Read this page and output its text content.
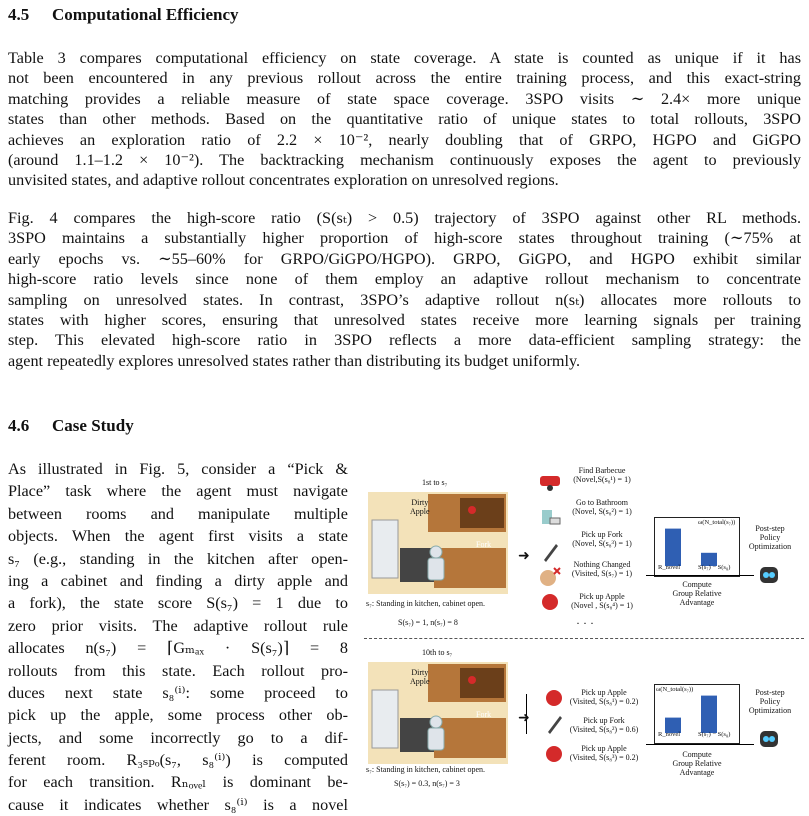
4.5 Computational Efficiency
Table 3 compares computational efficiency on state coverage. A state is counted as unique if it has
not been encountered in any previous rollout across the entire training process, and this exact-string
matching provides a reliable measure of state space coverage. 3SPO visits ∼ 2.4× more unique
states than other methods. Based on the quantitative ratio of unique states to total rollouts, 3SPO
achieves an exploration ratio of 2.2 × 10⁻², nearly doubling that of GRPO, HGPO and GiGPO
(around 1.1–1.2 × 10⁻²). The backtracking mechanism continuously exposes the agent to previously
unvisited states, and adaptive rollout concentrates exploration on unresolved regions.
Fig. 4 compares the high-score ratio (S(sₜ) > 0.5) trajectory of 3SPO against other RL methods.
3SPO maintains a substantially higher proportion of high-score states throughout training (∼75% at
early epochs vs. ∼55–60% for GRPO/GiGPO/HGPO). GRPO, GiGPO, and HGPO exhibit similar
high-score ratio levels since none of them employ an adaptive rollout mechanism to concentrate
sampling on unresolved states. In contrast, 3SPO’s adaptive rollout n(sₜ) allocates more rollouts to
states with higher scores, ensuring that unresolved states receive more learning signals per training
step. This elevated high-score ratio in 3SPO reflects a more data-efficient sampling strategy: the
agent repeatedly explores unresolved states rather than distributing its budget uniformly.
4.6 Case Study
As illustrated in Fig. 5, consider a “Pick &
Place” task where the agent must navigate
between rooms and manipulate multiple
objects. When the agent first visits a state
s₇ (e.g., standing in the kitchen after open-
ing a cabinet and finding a dirty apple and
a fork), the state score S(s₇) = 1 due to
zero prior visits. The adaptive rollout rule
allocates n(s₇) = ⌈Gₘₐₓ · S(s₇)⌉ = 8
rollouts from this state. Each rollout pro-
duces next state s₈⁽ⁱ⁾: some proceed to
pick up the apple, some process other ob-
jects, and some incorrectly go to a dif-
ferent room. R₃ₛₚₒ(s₇, s₈⁽ⁱ⁾) is computed
for each transition. Rₙₒᵥₑₗ is dominant be-
cause it indicates whether s₈⁽ⁱ⁾ is a novel
1st to s₇
Dirty
Apple
Fork
s₇: Standing in kitchen, cabinet open.
S(s₇) = 1, n(s₇) = 8
➜
Find Barbecue
(Novel,S(s₈¹) = 1)
Go to Bathroom
(Novel, S(s₈²) = 1)
Pick up Fork
(Novel, S(s₈³) = 1)
Nothing Changed
(Visited, S(s₇) = 1)
Pick up Apple
(Novel , S(s₈⁴) = 1)
· · ·
ω(N_total(s₇))
R_novel	S(s₇) − S(s₈)
Compute
Group Relative
Advantage
Post-step
Policy
Optimization
10th to s₇
Dirty
Apple
Fork
s₇: Standing in kitchen, cabinet open.
S(s₇) = 0.3, n(s₇) = 3
➜
Pick up Apple
(Visited, S(s₈¹) = 0.2)
Pick up Fork
(Visited, S(s₈²) = 0.6)
Pick up Apple
(Visited, S(s₈³) = 0.2)
ω(N_total(s₇))
R_novel	S(s₇) − S(s₈)
Compute
Group Relative
Advantage
Post-step
Policy
Optimization
